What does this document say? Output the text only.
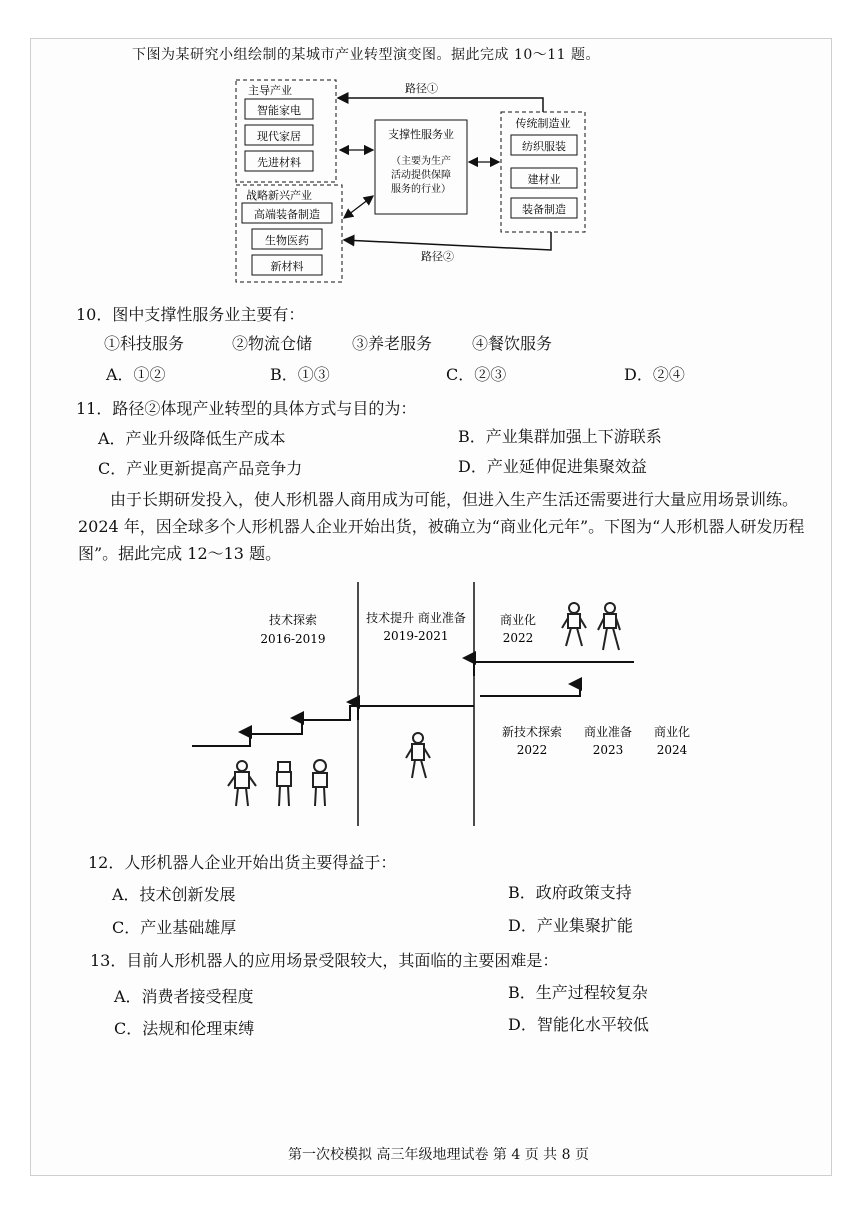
下图为某研究小组绘制的某城市产业转型演变图。据此完成 10～11 题。
主导产业
智能家电
现代家居
先进材料
战略新兴产业
高端装备制造
生物医药
新材料
支撑性服务业
（主要为生产
活动提供保障
服务的行业）
传统制造业
纺织服装
建材业
装备制造
路径①
路径②
10．图中支撑性服务业主要有：
①科技服务	②物流仓储 ③养老服务 ④餐饮服务
A．①②	B．①③	C．②③	D．②④
11．路径②体现产业转型的具体方式与目的为：
A．产业升级降低生产成本	B．产业集群加强上下游联系
C．产业更新提高产品竞争力	D．产业延伸促进集聚效益
由于长期研发投入，使人形机器人商用成为可能，但进入生产生活还需要进行大量应用场景训练。2024 年，因全球多个人形机器人企业开始出货，被确立为“商业化元年”。下图为“人形机器人研发历程图”。据此完成 12～13 题。
技术探索
2016-2019
技术提升 商业准备
2019-2021
商业化
2022
新技术探索
2022
商业准备
2023
商业化
2024
12．人形机器人企业开始出货主要得益于：
A．技术创新发展	B．政府政策支持
C．产业基础雄厚	D．产业集聚扩能
13．目前人形机器人的应用场景受限较大，其面临的主要困难是：
A．消费者接受程度	B．生产过程较复杂
C．法规和伦理束缚	D．智能化水平较低
第一次校模拟 高三年级地理试卷 第 4 页 共 8 页
